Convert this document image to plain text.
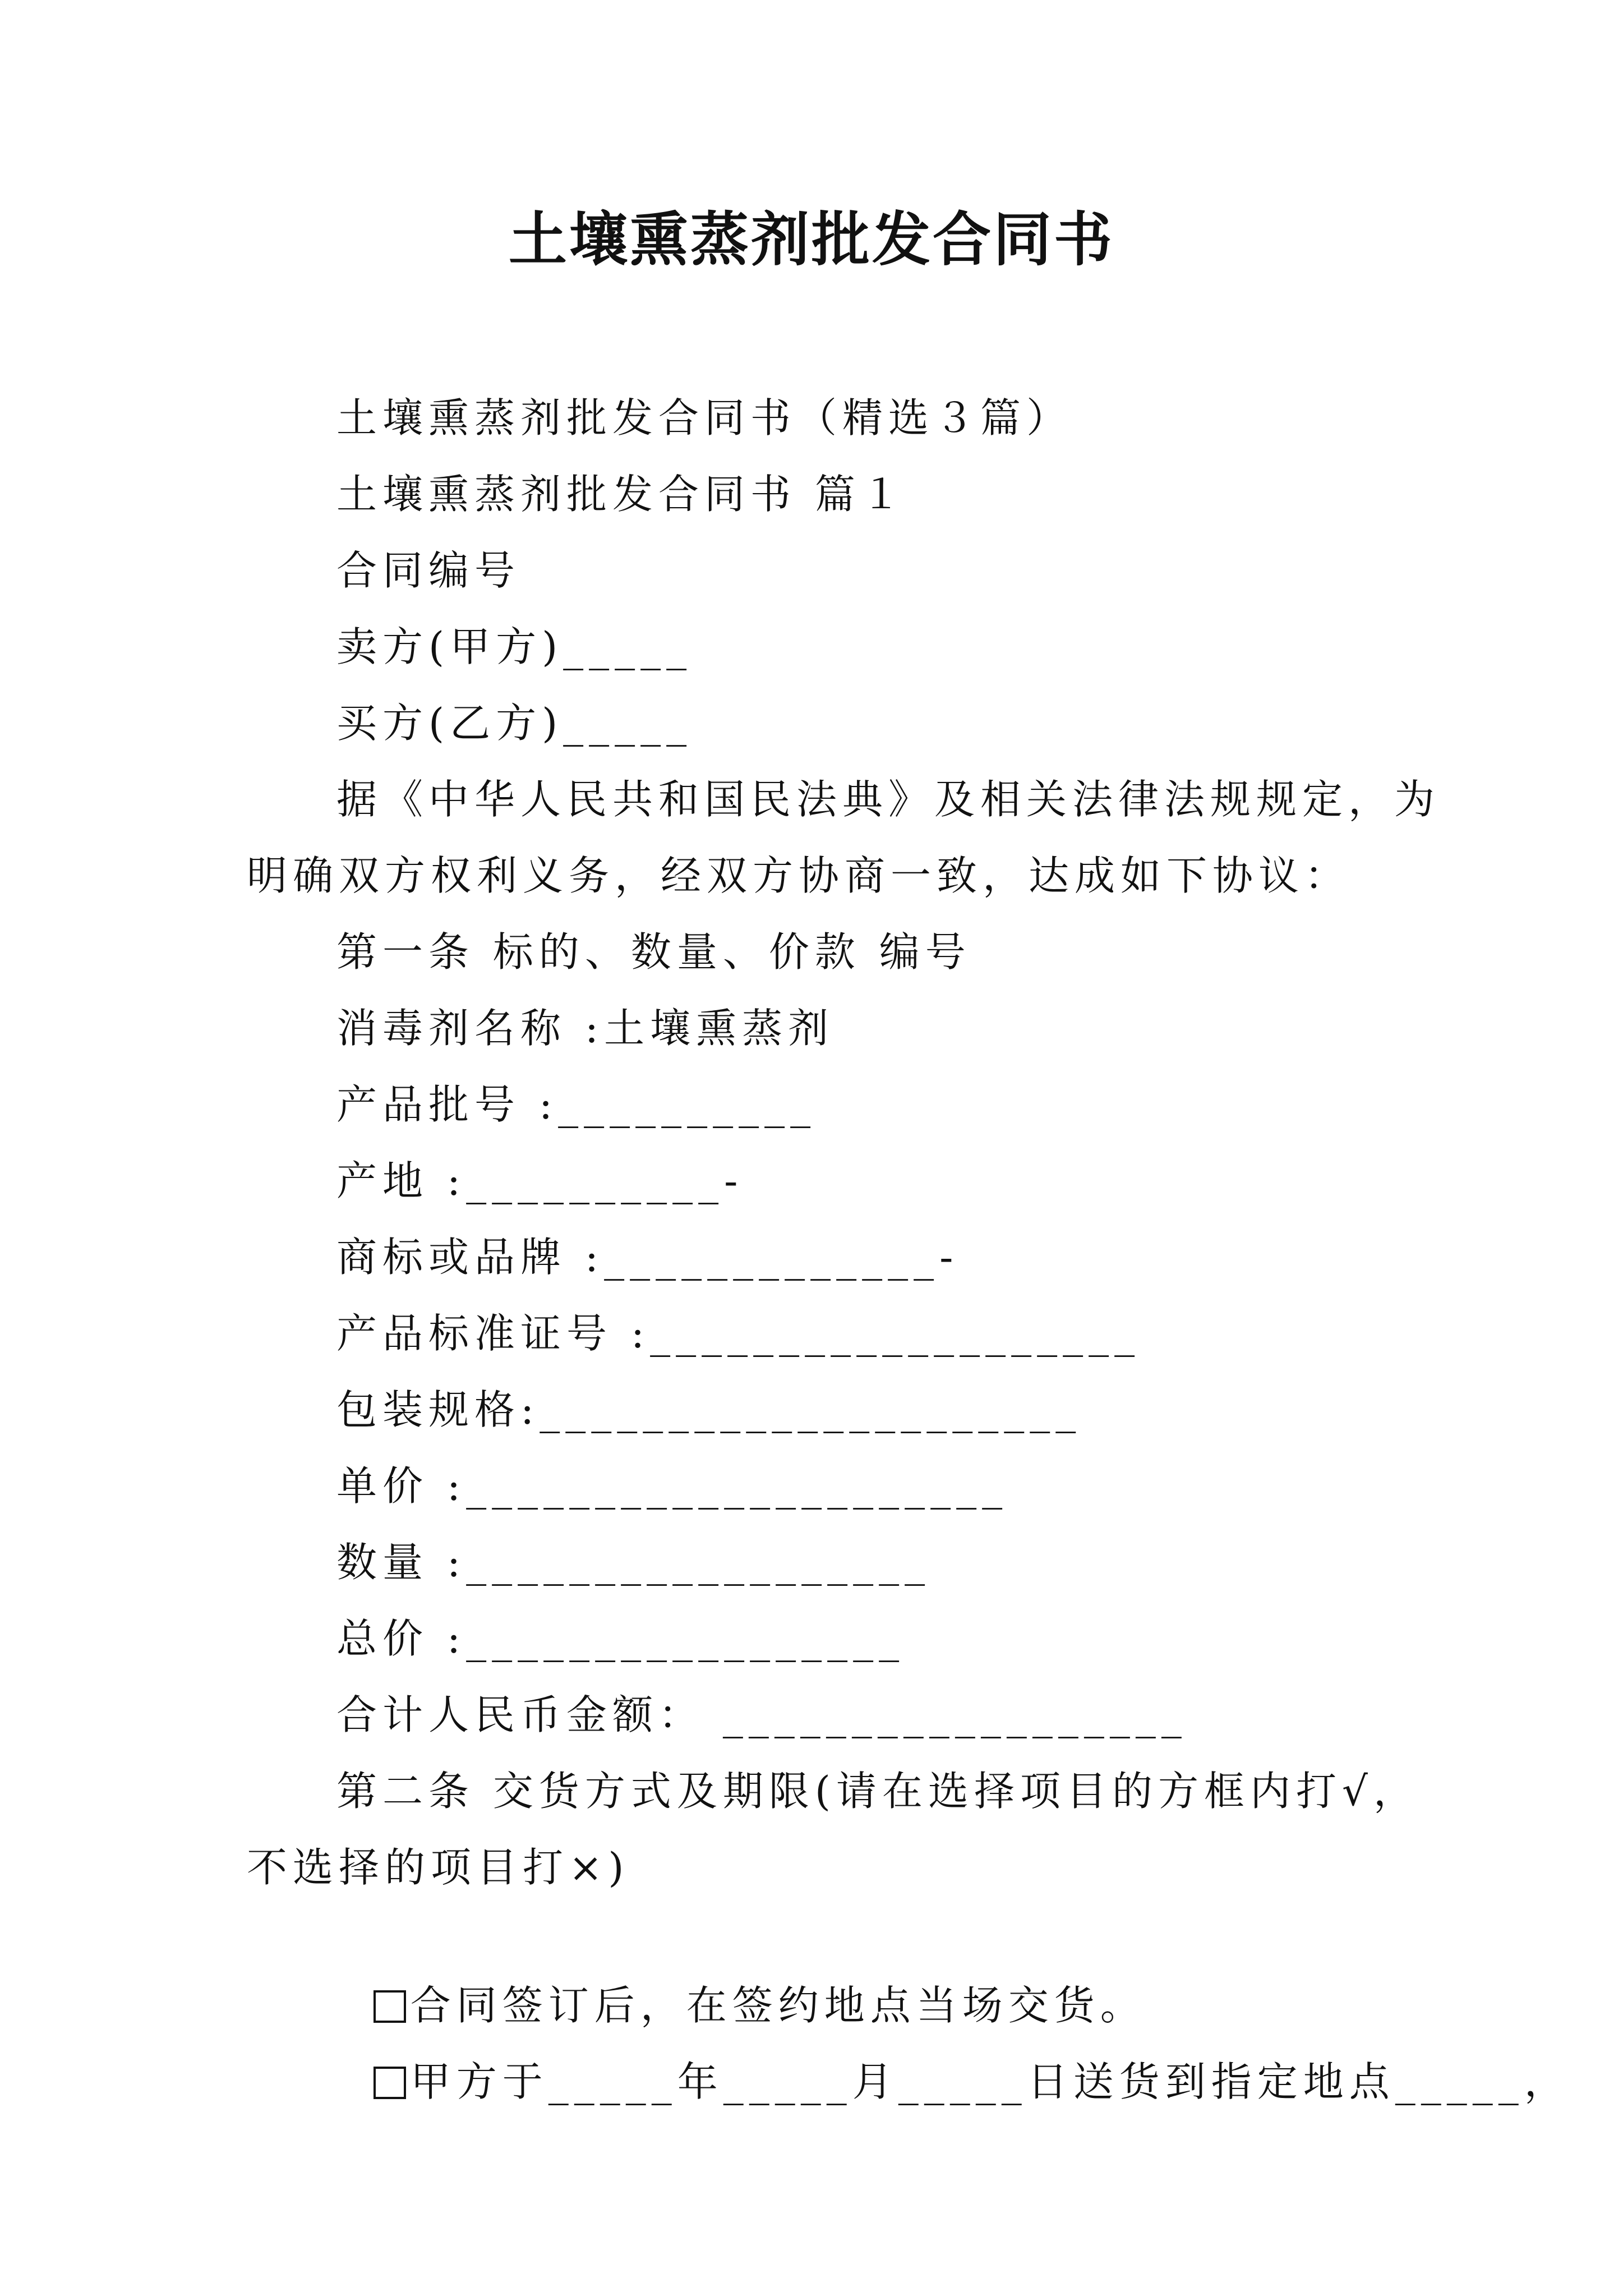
土壤熏蒸剂批发合同书
土壤熏蒸剂批发合同书（精选３篇）
土壤熏蒸剂批发合同书 篇１
合同编号
卖方(甲方)_____
买方(乙方)_____
据《中华人民共和国民法典》及相关法律法规规定，为
明确双方权利义务，经双方协商一致，达成如下协议：
第一条 标的、数量、价款 编号
消毒剂名称 :土壤熏蒸剂
产品批号 :__________
产地 :__________-
商标或品牌 :_____________-
产品标准证号 :___________________
包装规格:_____________________
单价 :_____________________
数量 :__________________
总价 :_________________
合计人民币金额： __________________
第二条 交货方式及期限(请在选择项目的方框内打√，
不选择的项目打×)

合同签订后，在签约地点当场交货。

甲方于_____年_____月_____日送货到指定地点_____，
